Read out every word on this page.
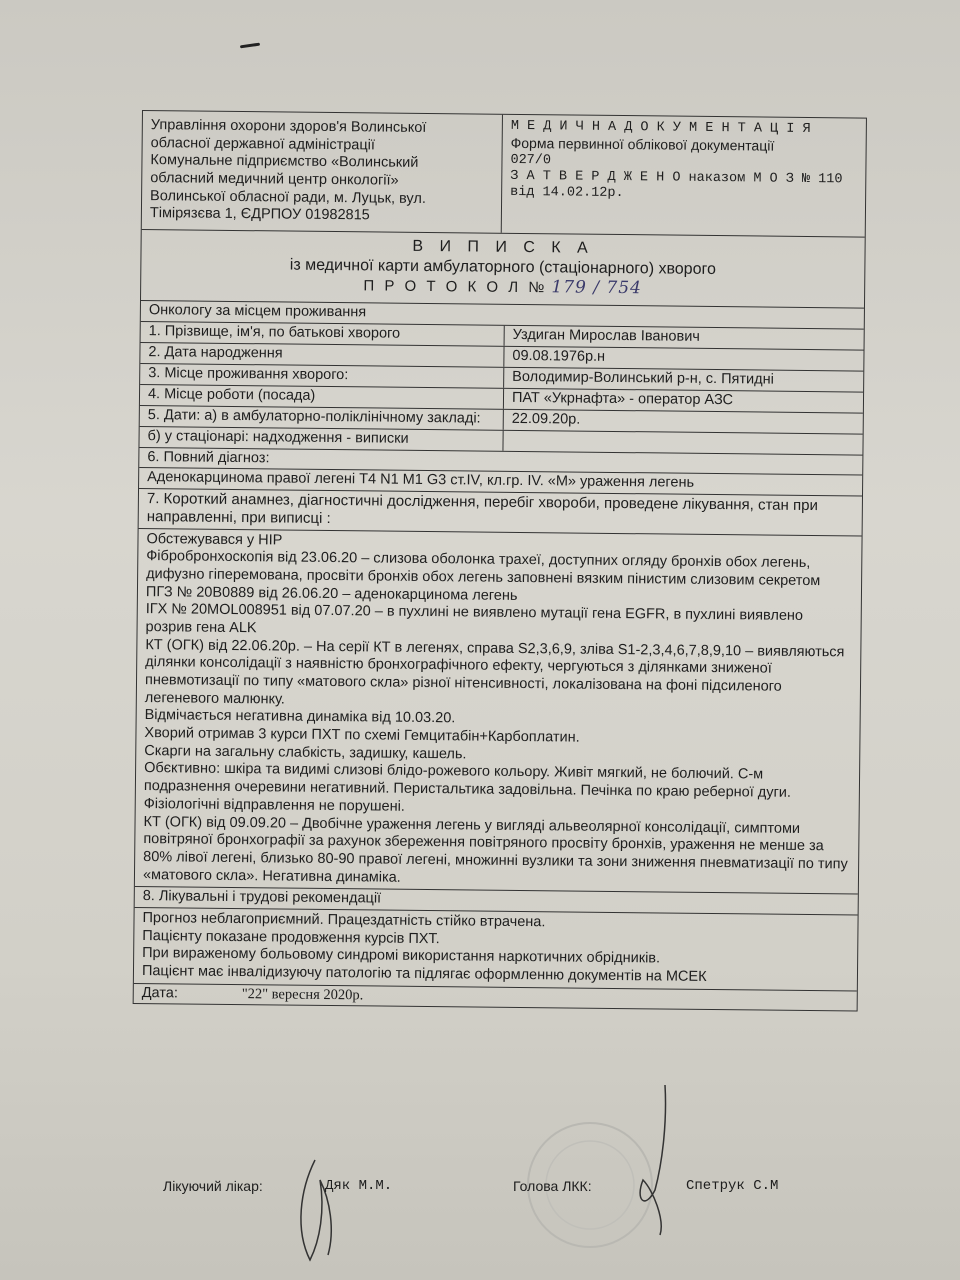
Управління охорони здоров'я Волинської
обласної державної адміністрації
Комунальне підприємство «Волинський
обласний медичний центр онкології»
Волинської обласної ради, м. Луцьк, вул.
Тімірязєва 1, ЄДРПОУ 01982815
М Е Д И Ч Н А Д О К У М Е Н Т А Ц І Я
Форма первинної облікової документації
027/0
З А Т В Е Р Д Ж Е Н О наказом М О З № 110
від 14.02.12р.
В И П И С К А
із медичної карти амбулаторного (стаціонарного) хворого
П Р О Т О К О Л № 179 / 754
Онкологу за місцем проживання
1. Прізвище, ім'я, по батькові хворого	Уздиган Мирослав Іванович
2. Дата народження	09.08.1976р.н
3. Місце проживання хворого:	Володимир-Волинський р-н, с. Пятидні
4. Місце роботи (посада)	ПАТ «Укрнафта» - оператор АЗС
5. Дати: а) в амбулаторно-поліклінічному закладі:	22.09.20р.
б) у стаціонарі: надходження - виписки
6. Повний діагноз:
Аденокарцинома правої легені Т4 N1 M1 G3 ст.IV, кл.гр. IV. «М» ураження легень
7. Короткий анамнез, діагностичні дослідження, перебіг хвороби, проведене лікування, стан при направленні, при виписці :

Обстежувався у НІР

Фібробронхоскопія від 23.06.20 – слизова оболонка трахеї, доступних огляду бронхів обох легень, дифузно гіперемована, просвіти бронхів обох легень заповнені вязким пінистим слизовим секретом

ПГЗ № 20В0889 від 26.06.20 – аденокарцинома легень

ІГХ № 20MOL008951 від 07.07.20 – в пухлині не виявлено мутації гена EGFR, в пухлині виявлено розрив гена ALK

КТ (ОГК) від 22.06.20р. – На серії КТ в легенях, справа S2,3,6,9, зліва S1-2,3,4,6,7,8,9,10 – виявляються ділянки консолідації з наявністю бронхографічного ефекту, чергуються з ділянками зниженої пневмотизації по типу «матового скла» різної нітенсивності, локалізована на фоні підсиленого легеневого малюнку.

Відмічається негативна динаміка від 10.03.20.

Хворий отримав 3 курси ПХТ по схемі Гемцитабін+Карбоплатин.

Скарги на загальну слабкість, задишку, кашель.

Обєктивно: шкіра та видимі слизові блідо-рожевого кольору. Живіт мягкий, не болючий. С-м подразнення очеревини негативний. Перистальтика задовільна. Печінка по краю реберної дуги. Фізіологічні відправлення не порушені.

КТ (ОГК) від 09.09.20 – Двобічне ураження легень у вигляді альвеолярної консолідації, симптоми повітряної бронхографії за рахунок збереження повітряного просвіту бронхів, ураження не менше за 80% лівої легені, близько 80-90 правої легені, множинні вузлики та зони зниження пневматизації по типу «матового скла». Негативна динаміка.

8. Лікувальні і трудові рекомендації

Прогноз неблагоприємний. Працездатність стійко втрачена.

Пацієнту показане продовження курсів ПХТ.

При вираженому больовому синдромі використання наркотичних обрідників.

Пацієнт має інвалідизуючу патологію та підлягає оформленню документів на МСЕК

Дата:	"22" вересня 2020р.
Лікуючий лікар:	Дяк М.М.	Голова ЛКК:	Спетрук С.М
